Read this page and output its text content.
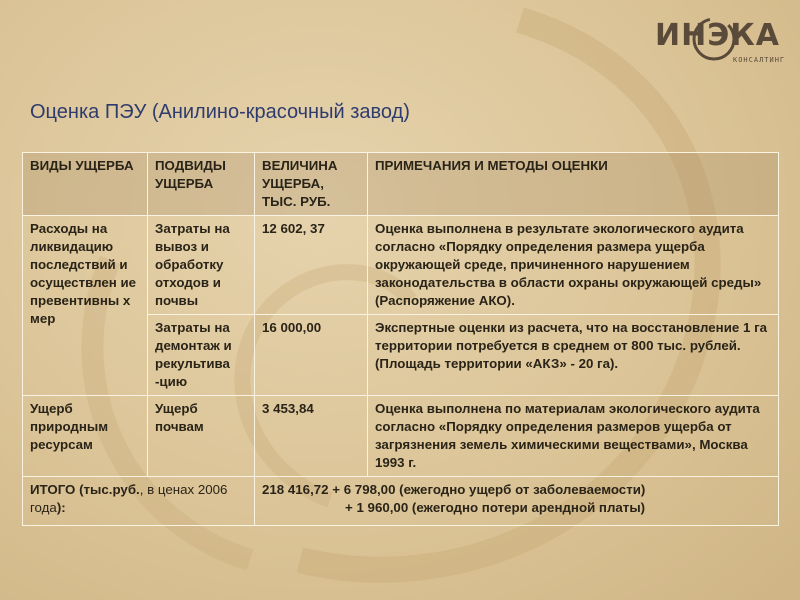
ИНЭКА
КОНСАЛТИНГ
Оценка ПЭУ (Анилино-красочный завод)
ВИДЫ УЩЕРБА	ПОДВИДЫ УЩЕРБА	ВЕЛИЧИНА УЩЕРБА, ТЫС. РУБ.	ПРИМЕЧАНИЯ И МЕТОДЫ ОЦЕНКИ
Расходы на ликвидацию последствий и осуществлен ие превентивны х мер	Затраты на вывоз и обработку отходов и почвы	12 602, 37	Оценка выполнена в результате экологического аудита согласно «Порядку определения размера ущерба окружающей среде, причиненного нарушением законодательства в области охраны окружающей среды» (Распоряжение АКО).
	Затраты на демонтаж и рекультива -цию	16 000,00	Экспертные оценки из расчета, что на восстановление 1 га территории потребуется в среднем от 800 тыс. рублей. (Площадь территории «АКЗ» - 20 га).
Ущерб природным ресурсам	Ущерб почвам	3 453,84	Оценка выполнена по материалам экологического аудита согласно «Порядку определения размеров ущерба от загрязнения земель химическими веществами», Москва 1993 г.
ИТОГО (тыс.руб., в ценах 2006 года):		218 416,72 + 6 798,00 (ежегодно ущерб от заболеваемости)
+ 1 960,00 (ежегодно потери арендной платы)	
